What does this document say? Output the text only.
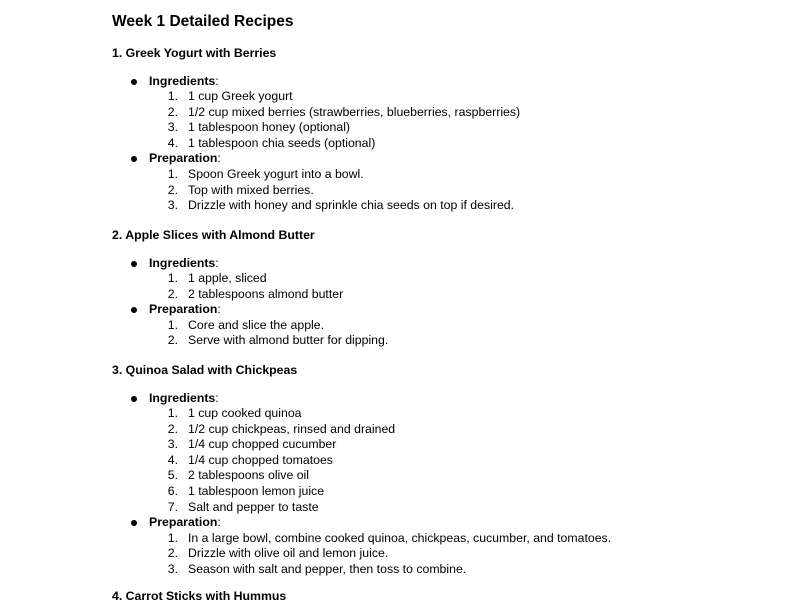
Week 1 Detailed Recipes
1. Greek Yogurt with Berries
Ingredients:
1. 1 cup Greek yogurt
2. 1/2 cup mixed berries (strawberries, blueberries, raspberries)
3. 1 tablespoon honey (optional)
4. 1 tablespoon chia seeds (optional)
Preparation:
1. Spoon Greek yogurt into a bowl.
2. Top with mixed berries.
3. Drizzle with honey and sprinkle chia seeds on top if desired.
2. Apple Slices with Almond Butter
Ingredients:
1. 1 apple, sliced
2. 2 tablespoons almond butter
Preparation:
1. Core and slice the apple.
2. Serve with almond butter for dipping.
3. Quinoa Salad with Chickpeas
Ingredients:
1. 1 cup cooked quinoa
2. 1/2 cup chickpeas, rinsed and drained
3. 1/4 cup chopped cucumber
4. 1/4 cup chopped tomatoes
5. 2 tablespoons olive oil
6. 1 tablespoon lemon juice
7. Salt and pepper to taste
Preparation:
1. In a large bowl, combine cooked quinoa, chickpeas, cucumber, and tomatoes.
2. Drizzle with olive oil and lemon juice.
3. Season with salt and pepper, then toss to combine.
4. Carrot Sticks with Hummus
